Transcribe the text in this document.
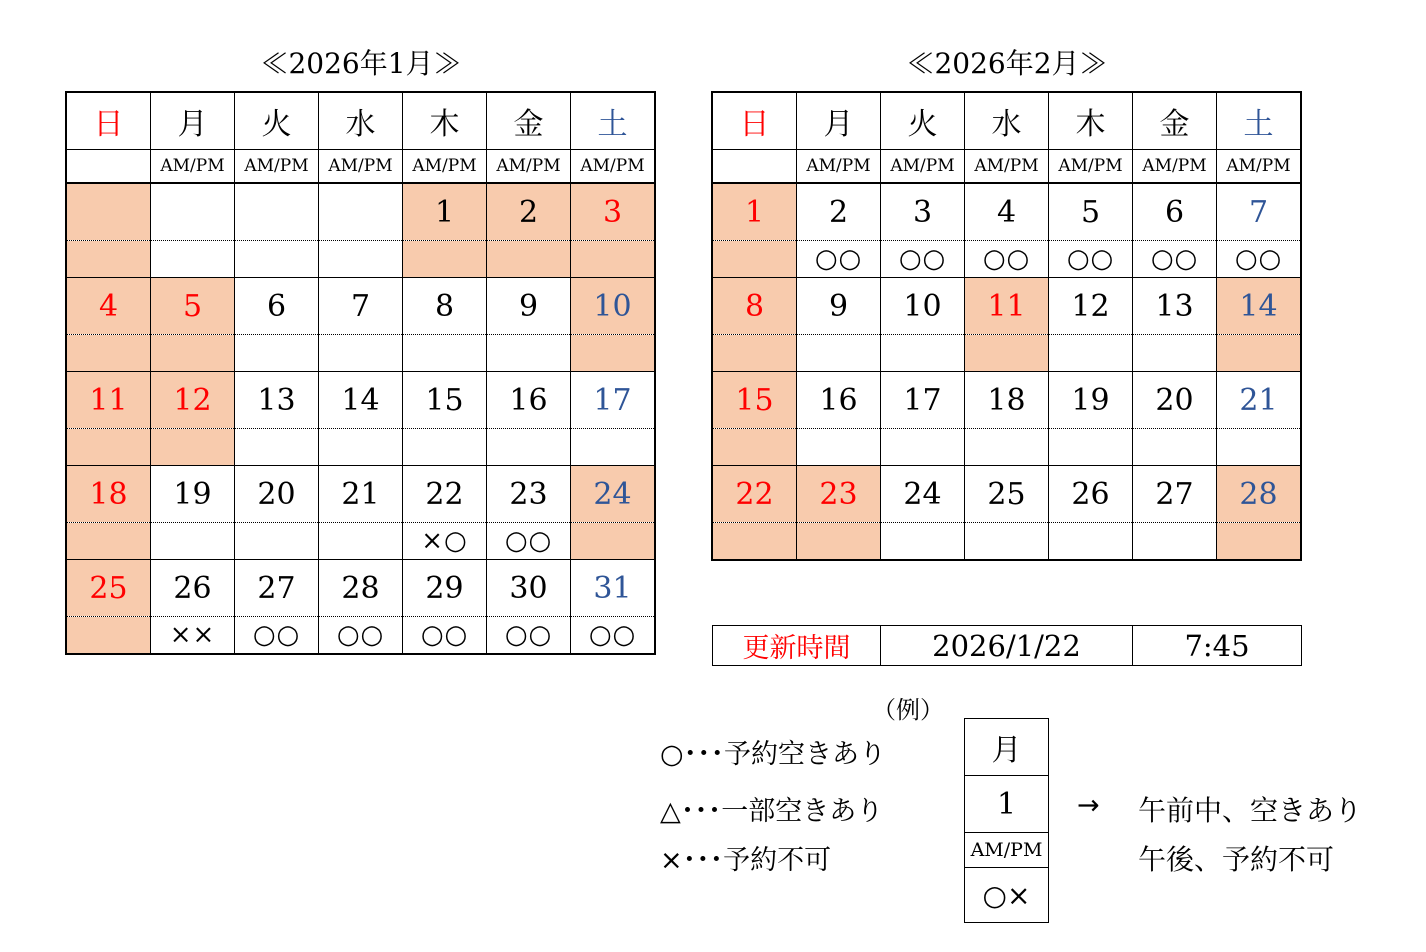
≪2026年1月≫
日	月	火	水	木	金	土
	AM/PM	AM/PM	AM/PM	AM/PM	AM/PM	AM/PM
				1	2	3

4	5	6	7	8	9	10

11	12	13	14	15	16	17

18	19	20	21	22	23	24
				×○	○○	
25	26	27	28	29	30	31
	××	○○	○○	○○	○○	○○
≪2026年2月≫
日	月	火	水	木	金	土
	AM/PM	AM/PM	AM/PM	AM/PM	AM/PM	AM/PM
1	2	3	4	5	6	7
	○○	○○	○○	○○	○○	○○
8	9	10	11	12	13	14

15	16	17	18	19	20	21

22	23	24	25	26	27	28

更新時間	2026/1/22	7:45
（例）
○･･･予約空きあり
△･･･一部空きあり
×･･･予約不可
月
1
AM/PM
○×
→ 午前中、空きあり
午後、予約不可
